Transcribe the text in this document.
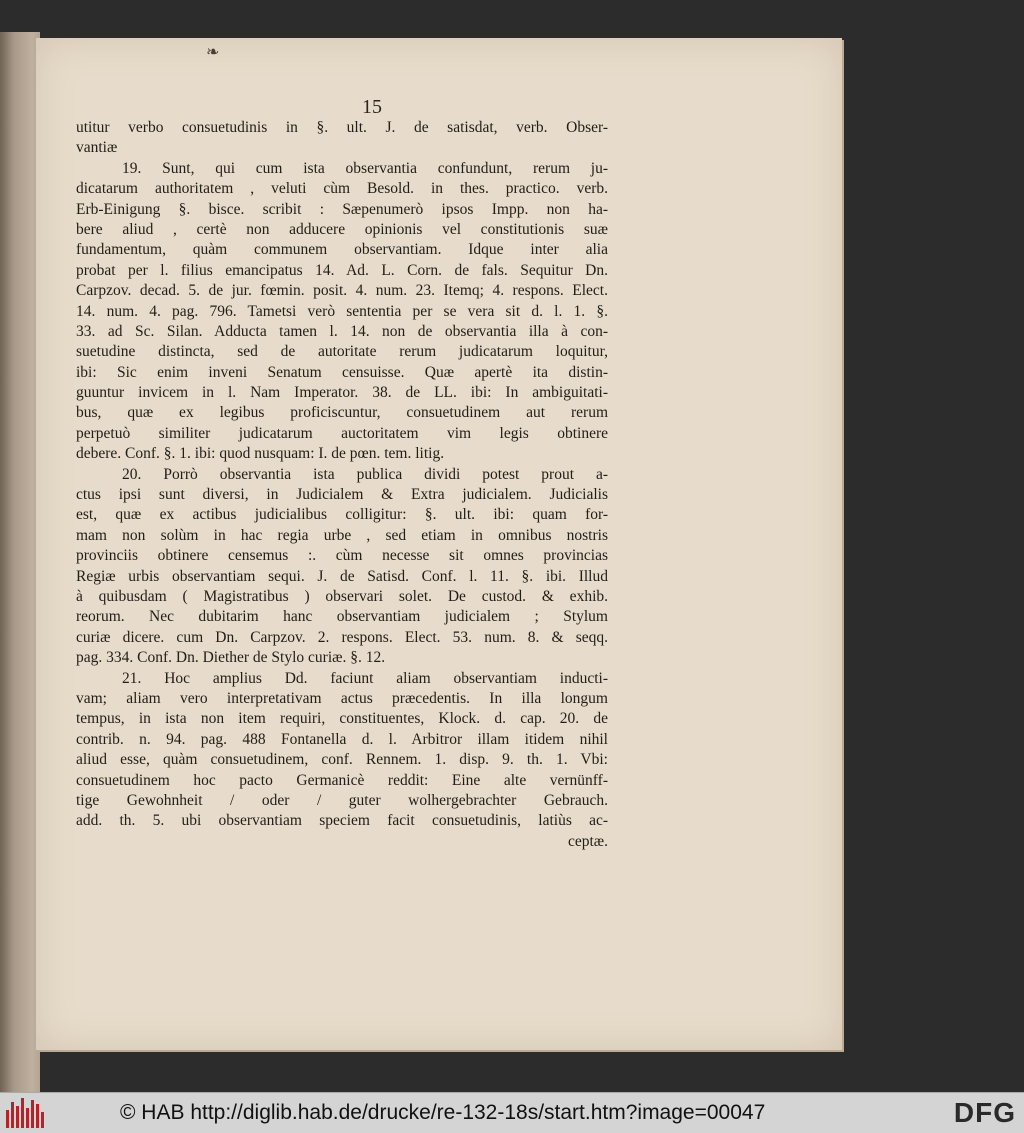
❧
15
utitur verbo consuetudinis in §. ult. J. de satisdat, verb. Obser-
vantiæ
19. Sunt, qui cum ista observantia confundunt, rerum ju-
dicatarum authoritatem , veluti cùm Besold. in thes. practico. verb.
Erb-Einigung §. bisce. scribit : Sæpenumerò ipsos Impp. non ha-
bere aliud , certè non adducere opinionis vel constitutionis suæ
fundamentum, quàm communem observantiam. Idque inter alia
probat per l. filius emancipatus 14. Ad. L. Corn. de fals. Sequitur Dn.
Carpzov. decad. 5. de jur. fœmin. posit. 4. num. 23. Itemq; 4. respons. Elect.
14. num. 4. pag. 796. Tametsi verò sententia per se vera sit d. l. 1. §.
33. ad Sc. Silan. Adducta tamen l. 14. non de observantia illa à con-
suetudine distincta, sed de autoritate rerum judicatarum loquitur,
ibi: Sic enim inveni Senatum censuisse. Quæ apertè ita distin-
guuntur invicem in l. Nam Imperator. 38. de LL. ibi: In ambiguitati-
bus, quæ ex legibus proficiscuntur, consuetudinem aut rerum
perpetuò similiter judicatarum auctoritatem vim legis obtinere
debere. Conf. §. 1. ibi: quod nusquam: I. de pœn. tem. litig.
20. Porrò observantia ista publica dividi potest prout a-
ctus ipsi sunt diversi, in Judicialem & Extra judicialem. Judicialis
est, quæ ex actibus judicialibus colligitur: §. ult. ibi: quam for-
mam non solùm in hac regia urbe , sed etiam in omnibus nostris
provinciis obtinere censemus :. cùm necesse sit omnes provincias
Regiæ urbis observantiam sequi. J. de Satisd. Conf. l. 11. §. ibi. Illud
à quibusdam ( Magistratibus ) observari solet. De custod. & exhib.
reorum. Nec dubitarim hanc observantiam judicialem ; Stylum
curiæ dicere. cum Dn. Carpzov. 2. respons. Elect. 53. num. 8. & seqq.
pag. 334. Conf. Dn. Diether de Stylo curiæ. §. 12.
21. Hoc amplius Dd. faciunt aliam observantiam inducti-
vam; aliam vero interpretativam actus præcedentis. In illa longum
tempus, in ista non item requiri, constituentes, Klock. d. cap. 20. de
contrib. n. 94. pag. 488 Fontanella d. l. Arbitror illam itidem nihil
aliud esse, quàm consuetudinem, conf. Rennem. 1. disp. 9. th. 1. Vbi:
consuetudinem hoc pacto Germanicè reddit: Eine alte vernünff-
tige Gewohnheit / oder / guter wolhergebrachter Gebrauch.
add. th. 5. ubi observantiam speciem facit consuetudinis, latiùs ac-
ceptæ.
© HAB http://diglib.hab.de/drucke/re-132-18s/start.htm?image=00047	DFG
